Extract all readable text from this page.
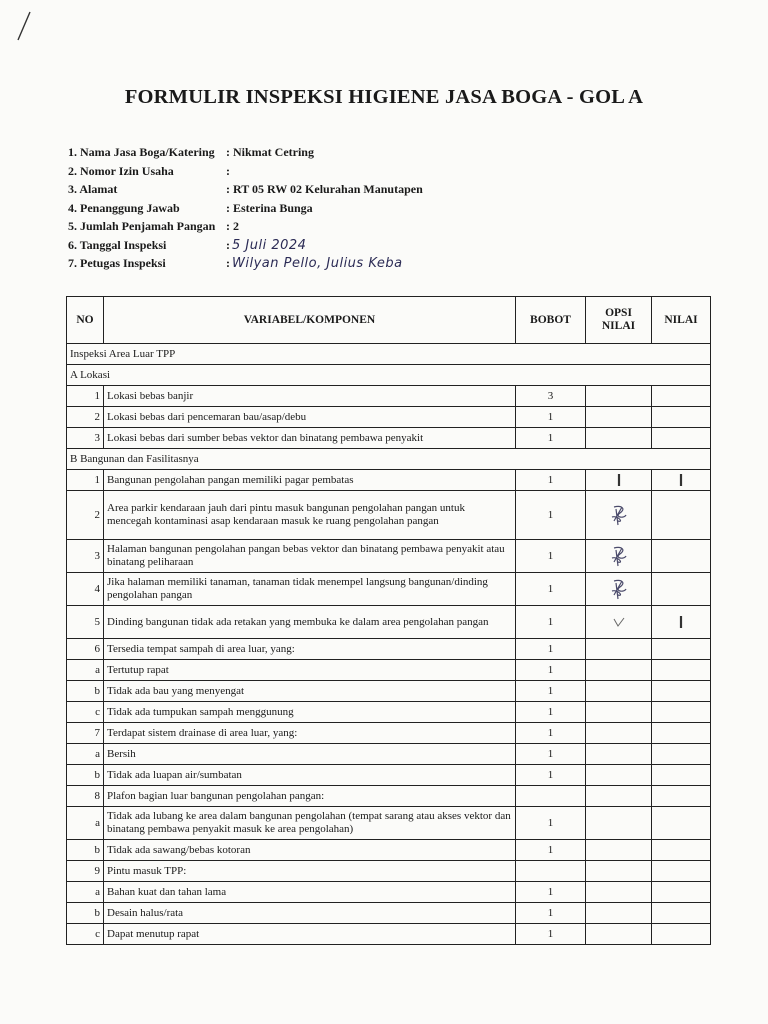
FORMULIR INSPEKSI HIGIENE JASA BOGA - GOL A
1. Nama Jasa Boga/Katering : Nikmat Cetring
2. Nomor Izin Usaha	:
3. Alamat	: RT 05 RW 02 Kelurahan Manutapen
4. Penanggung Jawab	: Esterina Bunga
5. Jumlah Penjamah Pangan : 2
6. Tanggal Inspeksi	: 5 Juli 2024
7. Petugas Inspeksi	: Wilyan Pello, Julius Keba
NO	VARIABEL/KOMPONEN	BOBOT	OPSI NILAI	NILAI
Inspeksi Area Luar TPP				
A Lokasi				
1	Lokasi bebas banjir	3		
2	Lokasi bebas dari pencemaran bau/asap/debu	1		
3	Lokasi bebas dari sumber bebas vektor dan binatang pembawa penyakit	1		
B Bangunan dan Fasilitasnya				
1	Bangunan pengolahan pangan memiliki pagar pembatas	1	

2	Area parkir kendaraan jauh dari pintu masuk bangunan pengolahan pangan untuk mencegah kontaminasi asap kendaraan masuk ke ruang pengolahan pangan	1	

3	Halaman bangunan pengolahan pangan bebas vektor dan binatang pembawa penyakit atau binatang peliharaan	1	

4	Jika halaman memiliki tanaman, tanaman tidak menempel langsung bangunan/dinding pengolahan pangan	1	

5	Dinding bangunan tidak ada retakan yang membuka ke dalam area pengolahan pangan	1	

6	Tersedia tempat sampah di area luar, yang:	1		
a	Tertutup rapat	1		
b	Tidak ada bau yang menyengat	1		
c	Tidak ada tumpukan sampah menggunung	1		
7	Terdapat sistem drainase di area luar, yang:	1		
a	Bersih	1		
b	Tidak ada luapan air/sumbatan	1		
8	Plafon bagian luar bangunan pengolahan pangan:			
a	Tidak ada lubang ke area dalam bangunan pengolahan (tempat sarang atau akses vektor dan binatang pembawa penyakit masuk ke area pengolahan)	1		
b	Tidak ada sawang/bebas kotoran	1		
9	Pintu masuk TPP:			
a	Bahan kuat dan tahan lama	1		
b	Desain halus/rata	1		
c	Dapat menutup rapat	1		
